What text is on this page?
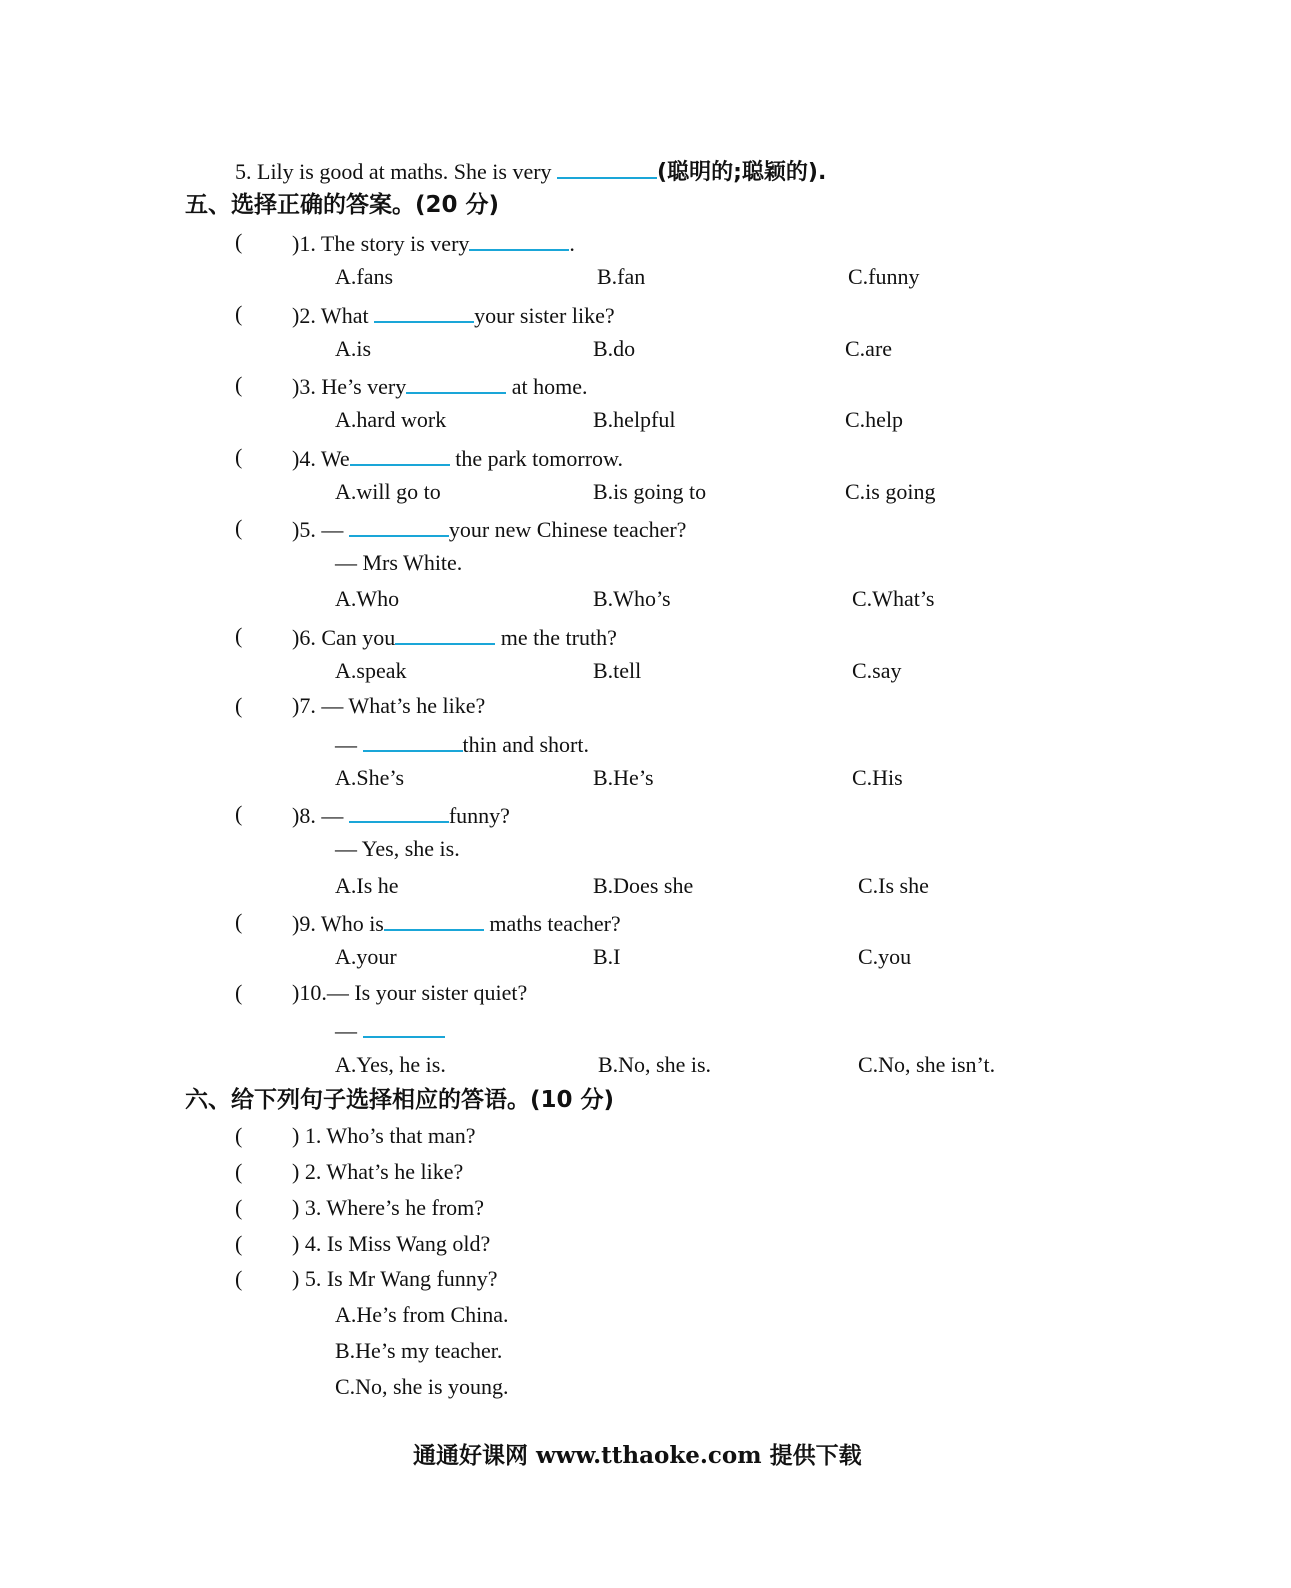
5. Lily is good at maths. She is very	(聪明的;聪颖的).
五、选择正确的答案。(20 分)
( )1. The story is very	.
A.fans	B.fan	C.funny
( )2. What	your sister like?
A.is	B.do	C.are
( )3. He’s very	at home.
A.hard work	B.helpful	C.help
( )4. We	the park tomorrow.
A.will go to	B.is going to	C.is going
( )5. —	your new Chinese teacher?
— Mrs White.
A.Who	B.Who’s	C.What’s
( )6. Can you	me the truth?
A.speak	B.tell	C.say
( )7. — What’s he like?
—	thin and short.
A.She’s	B.He’s	C.His
( )8. —	funny?
— Yes, she is.
A.Is he	B.Does she	C.Is she
( )9. Who is	maths teacher?
A.your	B.I	C.you
( )10.— Is your sister quiet?
—
A.Yes, he is.	B.No, she is.	C.No, she isn’t.
六、给下列句子选择相应的答语。(10 分)
( ) 1. Who’s that man?
( ) 2. What’s he like?
( ) 3. Where’s he from?
( ) 4. Is Miss Wang old?
( ) 5. Is Mr Wang funny?
A.He’s from China.
B.He’s my teacher.
C.No, she is young.
通通好课网 www.tthaoke.com 提供下载
